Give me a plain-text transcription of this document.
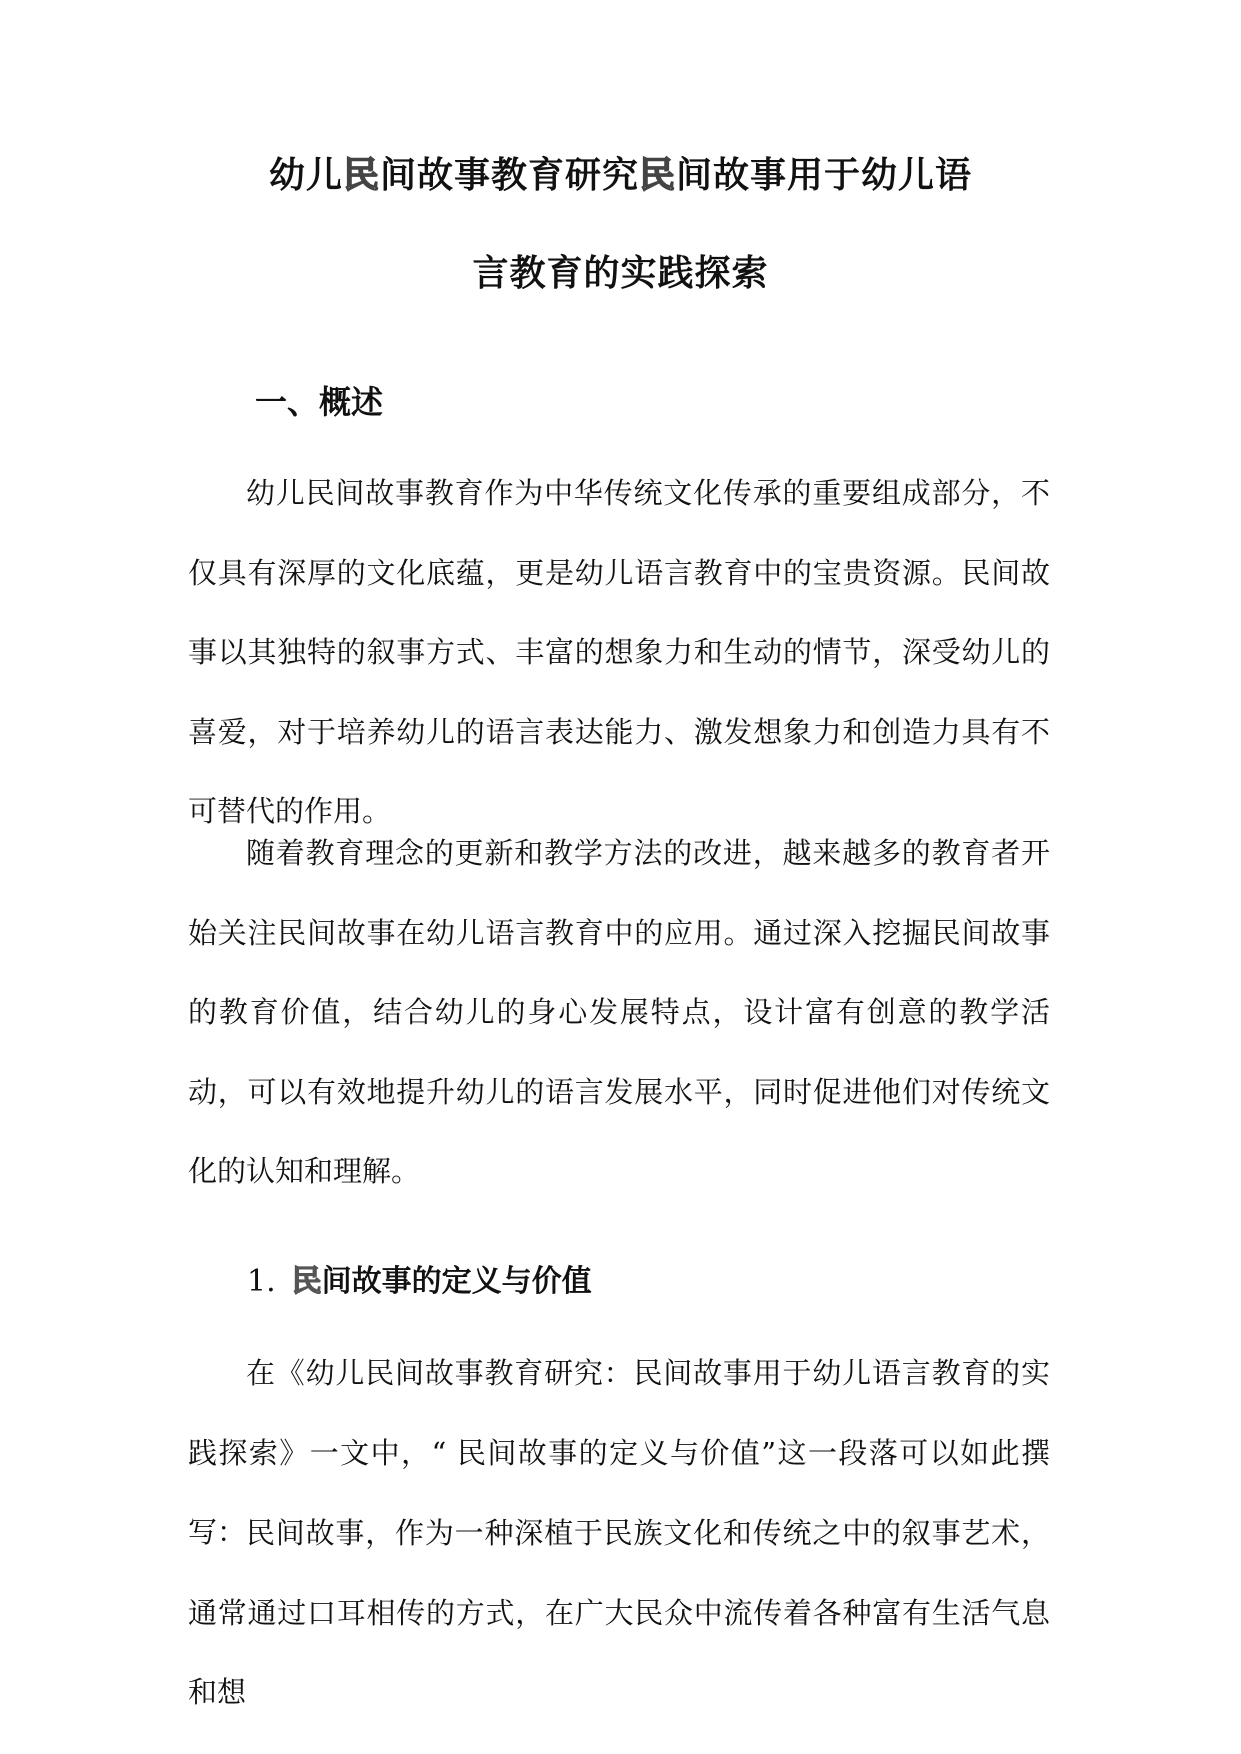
幼儿民间故事教育研究民间故事用于幼儿语
言教育的实践探索
一、概述
幼儿民间故事教育作为中华传统文化传承的重要组成部分，不仅具有深厚的文化底蕴，更是幼儿语言教育中的宝贵资源。民间故事以其独特的叙事方式、丰富的想象力和生动的情节，深受幼儿的喜爱，对于培养幼儿的语言表达能力、激发想象力和创造力具有不可替代的作用。
随着教育理念的更新和教学方法的改进，越来越多的教育者开始关注民间故事在幼儿语言教育中的应用。通过深入挖掘民间故事的教育价值，结合幼儿的身心发展特点，设计富有创意的教学活动，可以有效地提升幼儿的语言发展水平，同时促进他们对传统文化的认知和理解。
1. 民间故事的定义与价值
在《幼儿民间故事教育研究：民间故事用于幼儿语言教育的实践探索》一文中，“ 民间故事的定义与价值”这一段落可以如此撰写： 民间故事，作为一种深植于民族文化和传统之中的叙事艺术，通常通过口耳相传的方式，在广大民众中流传着各种富有生活气息和想
